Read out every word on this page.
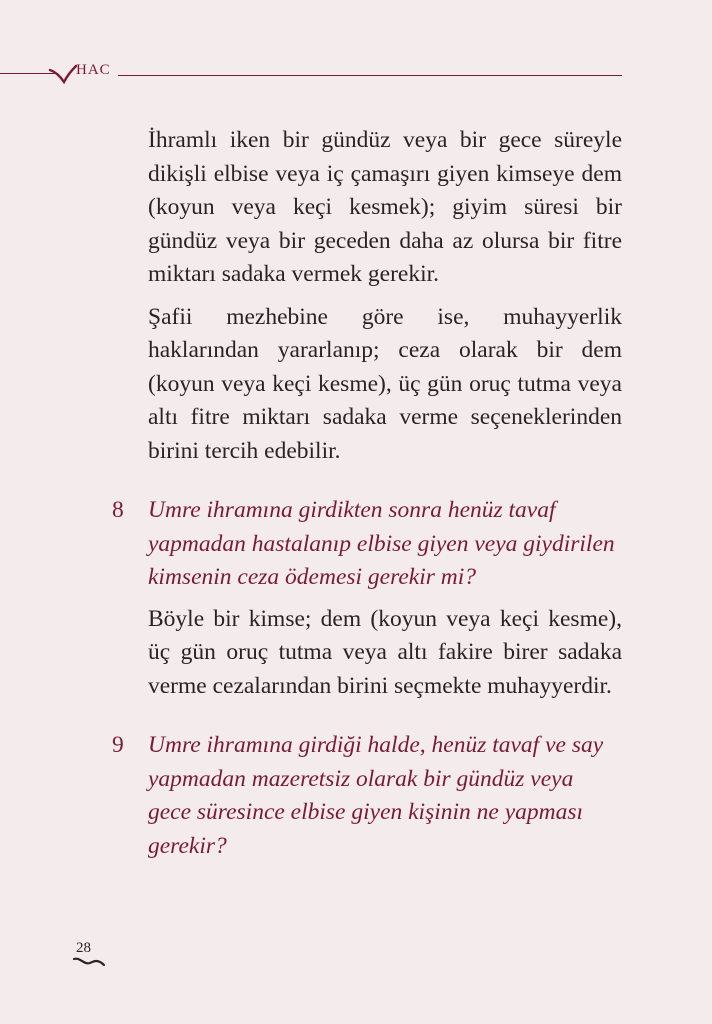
HAC

İhramlı iken bir gündüz veya bir gece süreyle dikişli elbise veya iç çamaşırı giyen kimseye dem (koyun veya keçi kesmek); giyim süresi bir gündüz veya bir geceden daha az olursa bir fitre miktarı sadaka vermek gerekir.

Şafii mezhebine göre ise, muhayyerlik haklarından yararlanıp; ceza olarak bir dem (koyun veya keçi kesme), üç gün oruç tutma veya altı fitre miktarı sadaka verme seçeneklerinden birini tercih edebilir.

8 Umre ihramına girdikten sonra henüz tavaf yapmadan hastalanıp elbise giyen veya giydirilen kimsenin ceza ödemesi gerekir mi?

Böyle bir kimse; dem (koyun veya keçi kesme), üç gün oruç tutma veya altı fakire birer sadaka verme cezalarından birini seçmekte muhayyerdir.

9 Umre ihramına girdiği halde, henüz tavaf ve say yapmadan mazeretsiz olarak bir gündüz veya gece süresince elbise giyen kişinin ne yapması gerekir?
28
